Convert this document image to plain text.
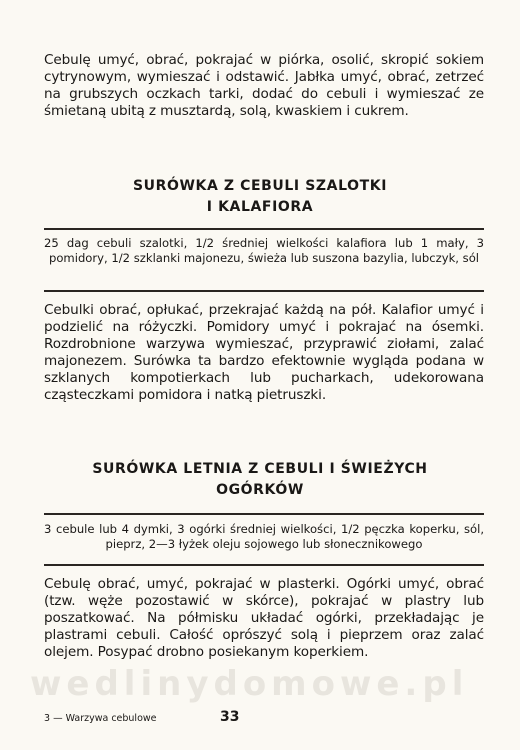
Cebulę umyć, obrać, pokrajać w piórka, osolić, skropić sokiem cytrynowym, wymieszać i odstawić. Jabłka umyć, obrać, zetrzeć na grubszych oczkach tarki, dodać do cebuli i wymieszać ze śmietaną ubitą z musztardą, solą, kwaskiem i cukrem.

SURÓWKA Z CEBULI SZALOTKI
I KALAFIORA

25 dag cebuli szalotki, 1/2 średniej wielkości kalafiora lub 1 mały, 3 pomidory, 1/2 szklanki majonezu, świeża lub suszona bazylia, lubczyk, sól

Cebulki obrać, opłukać, przekrajać każdą na pół. Kalafior umyć i podzielić na różyczki. Pomidory umyć i pokrajać na ósemki. Rozdrobnione warzywa wymieszać, przyprawić ziołami, zalać majonezem. Surówka ta bardzo efektownie wygląda podana w szklanych kompotierkach lub pucharkach, udekorowana cząsteczkami pomidora i natką pietruszki.

SURÓWKA LETNIA Z CEBULI I ŚWIEŻYCH
OGÓRKÓW

3 cebule lub 4 dymki, 3 ogórki średniej wielkości, 1/2 pęczka koperku, sól, pieprz, 2—3 łyżek oleju sojowego lub słonecznikowego

Cebulę obrać, umyć, pokrajać w plasterki. Ogórki umyć, obrać (tzw. węże pozostawić w skórce), pokrajać w plastry lub poszatkować. Na półmisku układać ogórki, przekładając je plastrami cebuli. Całość oprószyć solą i pieprzem oraz zalać olejem. Posypać drobno posiekanym koperkiem.

wedlinydomowe.pl
3 — Warzywa cebulowe	33
